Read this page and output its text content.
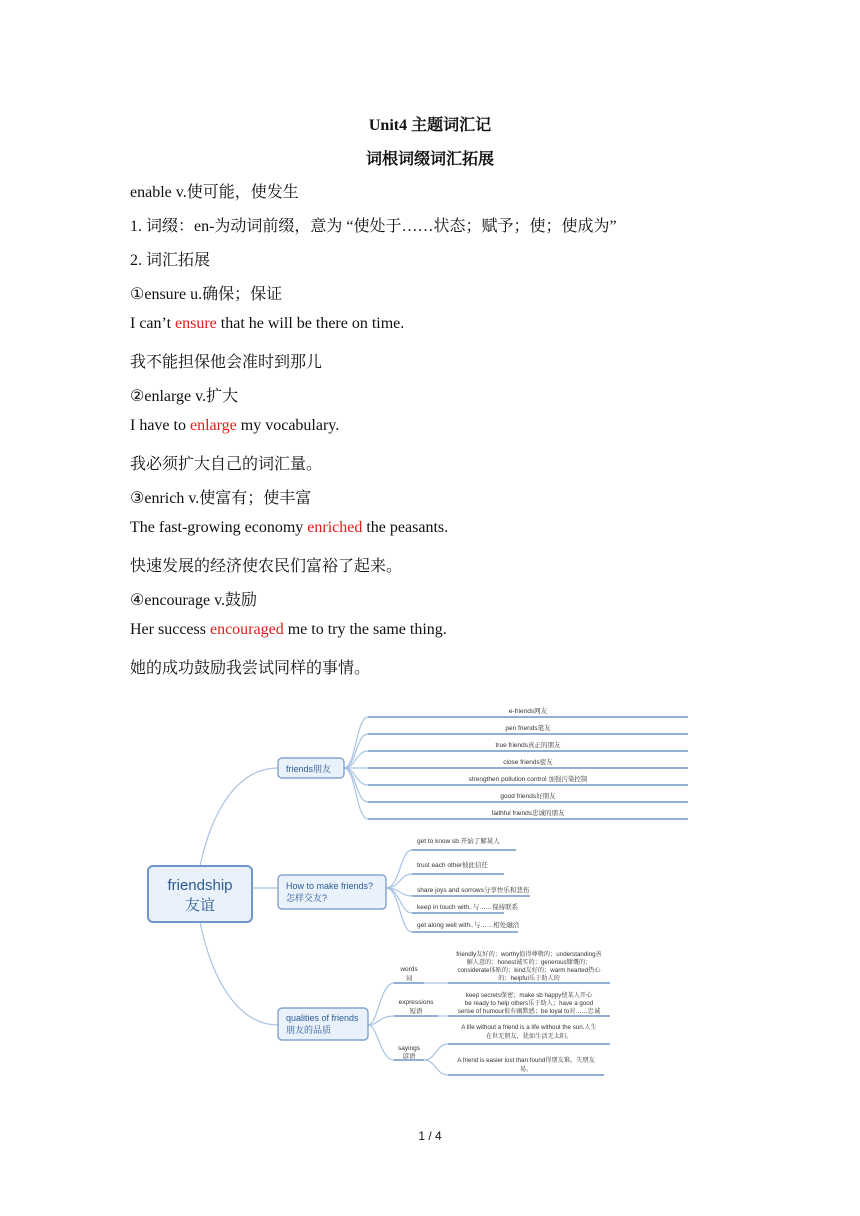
Unit4 主题词汇记
词根词缀词汇拓展
enable v.使可能，使发生
1. 词缀：en-为动词前缀，意为 “使处于……状态；赋予；使；使成为”
2. 词汇拓展
①ensure u.确保；保证
I can’t ensure that he will be there on time.
我不能担保他会准时到那儿
②enlarge v.扩大
I have to enlarge my vocabulary.
我必须扩大自己的词汇量。
③enrich v.使富有；使丰富
The fast-growing economy enriched the peasants.
快速发展的经济使农民们富裕了起来。
④encourage v.鼓励
Her success encouraged me to try the same thing.
她的成功鼓励我尝试同样的事情。
friendship
友谊
friends朋友
How to make friends?
怎样交友?
qualities of friends
朋友的品质
e-friends网友
pen friends笔友
true friends真正的朋友
close friends密友
strengthen pollution control 加强污染控制
good friends好朋友
faithful friends忠诚的朋友
get to know sb.开始了解某人
trust each other彼此信任
share joys and sorrows分享快乐和悲伤
keep in touch with..与……保持联系
get along well with..与……相处融洽
words
词
expressions
短语
sayings
谚语
friendly友好的；worthy值得尊敬的；understanding善
解人意的；honest诚实的；generous慷慨的；
considerate体贴的；kind友好的；warm hearted热心
的；helpful乐于助人的
keep secrets保密；make sb happy使某人开心
be ready to help others乐于助人；have a good
sense of humour很有幽默感；be loyal to对……忠诚
A life without a friend is a life without the sun.人生
在世无朋友，犹如生活无太阳。
A friend is easier lost than found得朋友难，失朋友
易。
1 / 4
